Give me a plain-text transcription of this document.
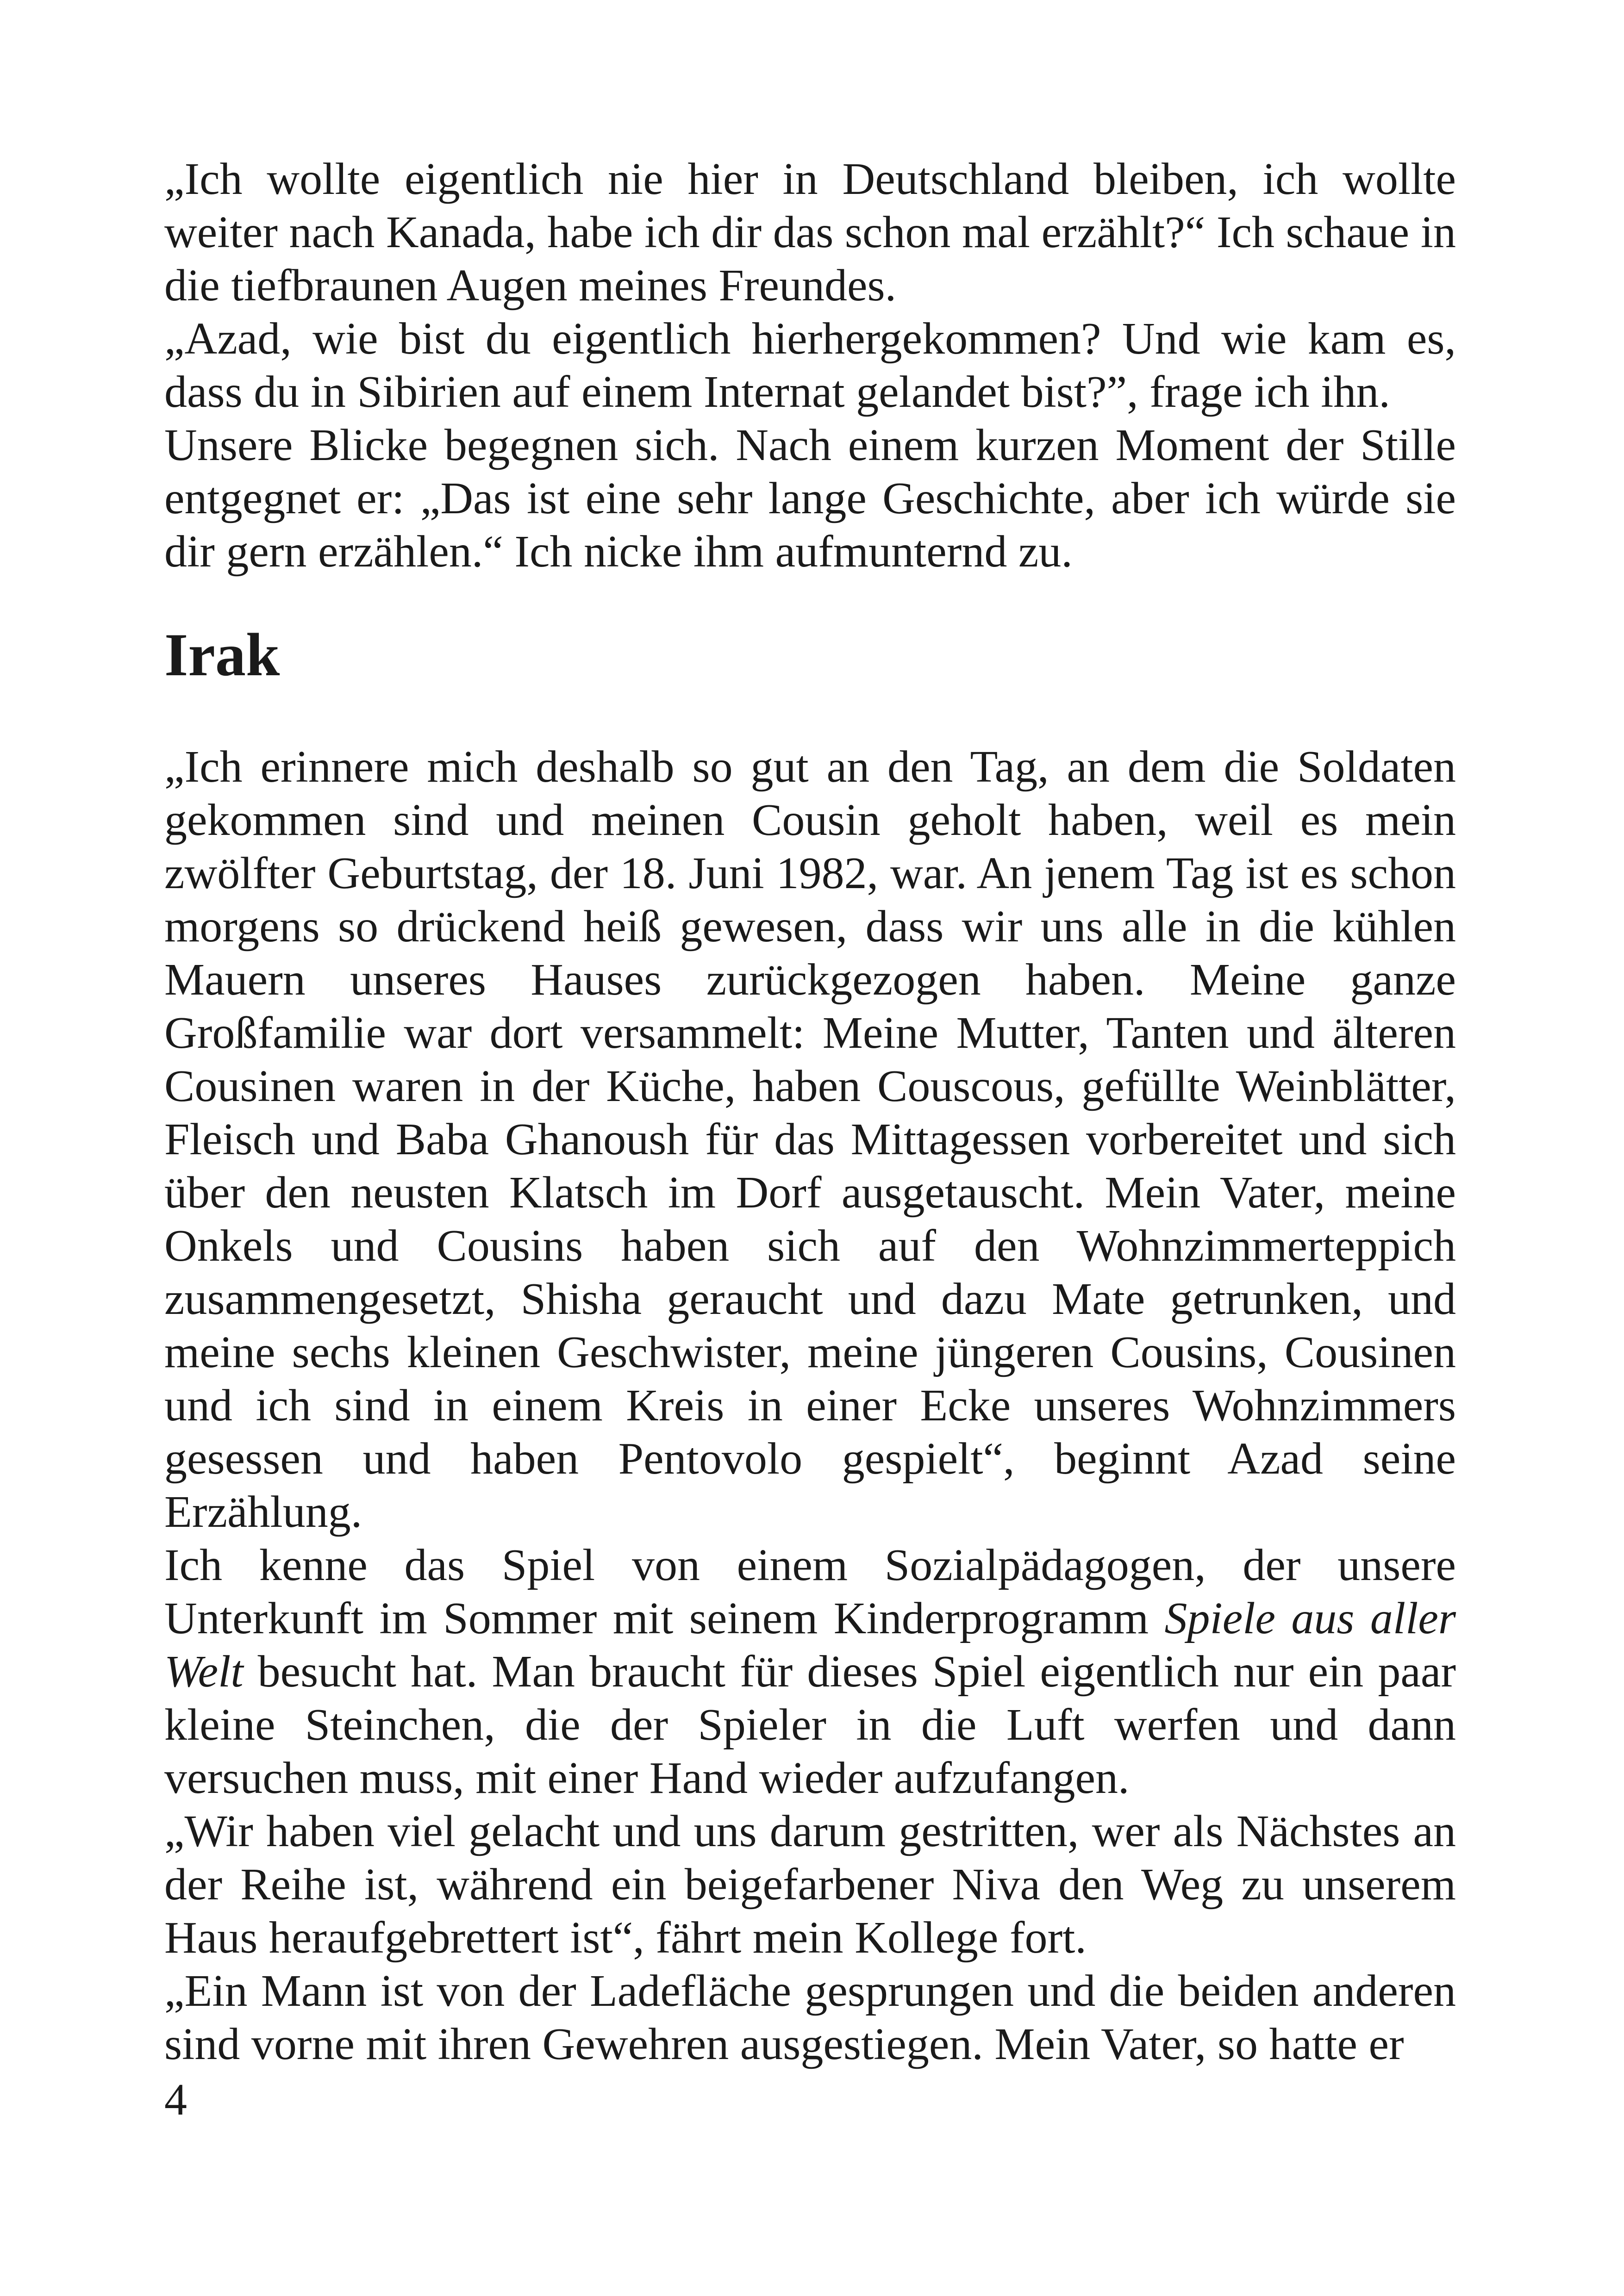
„Ich wollte eigentlich nie hier in Deutschland bleiben, ich wollte weiter nach Kanada, habe ich dir das schon mal erzählt?“ Ich schaue in die tiefbraunen Augen meines Freundes.

„Azad, wie bist du eigentlich hierhergekommen? Und wie kam es, dass du in Sibirien auf einem Internat gelandet bist?”, frage ich ihn.

Unsere Blicke begegnen sich. Nach einem kurzen Moment der Stille entgegnet er: „Das ist eine sehr lange Geschichte, aber ich würde sie dir gern erzählen.“ Ich nicke ihm aufmunternd zu.

Irak

„Ich erinnere mich deshalb so gut an den Tag, an dem die Soldaten gekommen sind und meinen Cousin geholt haben, weil es mein zwölfter Geburtstag, der 18. Juni 1982, war. An jenem Tag ist es schon morgens so drückend heiß gewesen, dass wir uns alle in die kühlen Mauern unseres Hauses zurückgezogen haben. Meine ganze Großfamilie war dort versammelt: Meine Mutter, Tanten und älteren Cousinen waren in der Küche, haben Couscous, gefüllte Weinblätter, Fleisch und Baba Ghanoush für das Mittagessen vorbereitet und sich über den neusten Klatsch im Dorf ausgetauscht. Mein Vater, meine Onkels und Cousins haben sich auf den Wohnzimmerteppich zusammengesetzt, Shisha geraucht und dazu Mate getrunken, und meine sechs kleinen Geschwister, meine jüngeren Cousins, Cousinen und ich sind in einem Kreis in einer Ecke unseres Wohnzimmers gesessen und haben Pentovolo gespielt“, beginnt Azad seine Erzählung.

Ich kenne das Spiel von einem Sozialpädagogen, der unsere Unterkunft im Sommer mit seinem Kinderprogramm Spiele aus aller Welt besucht hat. Man braucht für dieses Spiel eigentlich nur ein paar kleine Steinchen, die der Spieler in die Luft werfen und dann versuchen muss, mit einer Hand wieder aufzufangen.

„Wir haben viel gelacht und uns darum gestritten, wer als Nächstes an der Reihe ist, während ein beigefarbener Niva den Weg zu unserem Haus heraufgebrettert ist“, fährt mein Kollege fort.

„Ein Mann ist von der Ladefläche gesprungen und die beiden anderen sind vorne mit ihren Gewehren ausgestiegen. Mein Vater, so hatte er

4
